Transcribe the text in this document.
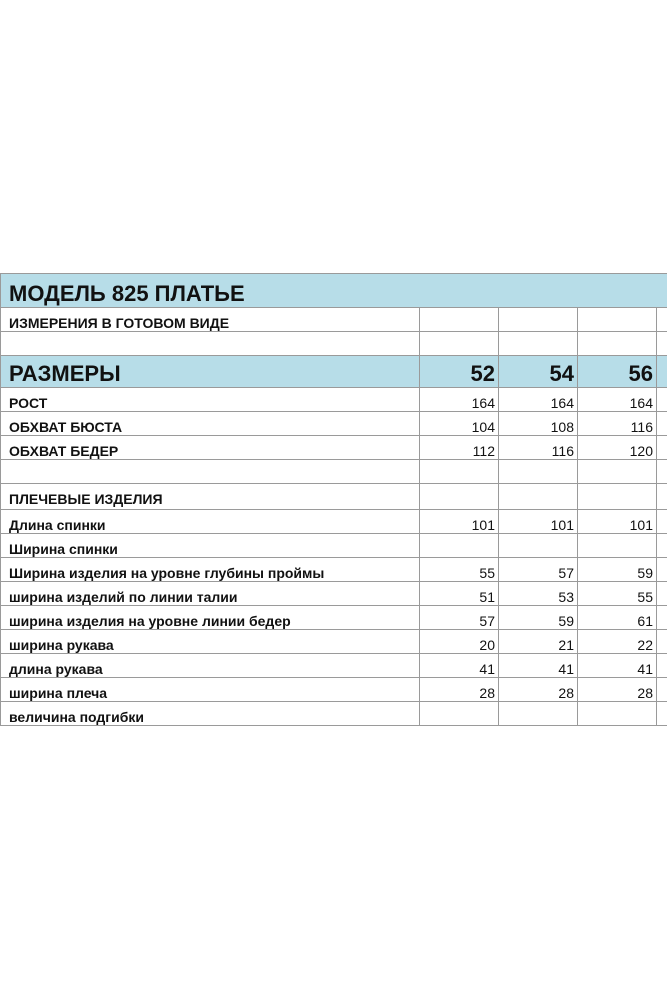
МОДЕЛЬ 825 ПЛАТЬЕ				
ИЗМЕРЕНИЯ В ГОТОВОМ ВИДЕ				

РАЗМЕРЫ	52	54	56	
РОСТ	164	164	164	
ОБХВАТ БЮСТА	104	108	116	
ОБХВАТ БЕДЕР	112	116	120	

ПЛЕЧЕВЫЕ ИЗДЕЛИЯ				
Длина спинки	101	101	101	
Ширина спинки				
Ширина изделия на уровне глубины проймы	55	57	59	
ширина изделий по линии талии	51	53	55	
ширина изделия на уровне линии бедер	57	59	61	
ширина рукава	20	21	22	
длина рукава	41	41	41	
ширина плеча	28	28	28	
величина подгибки				
